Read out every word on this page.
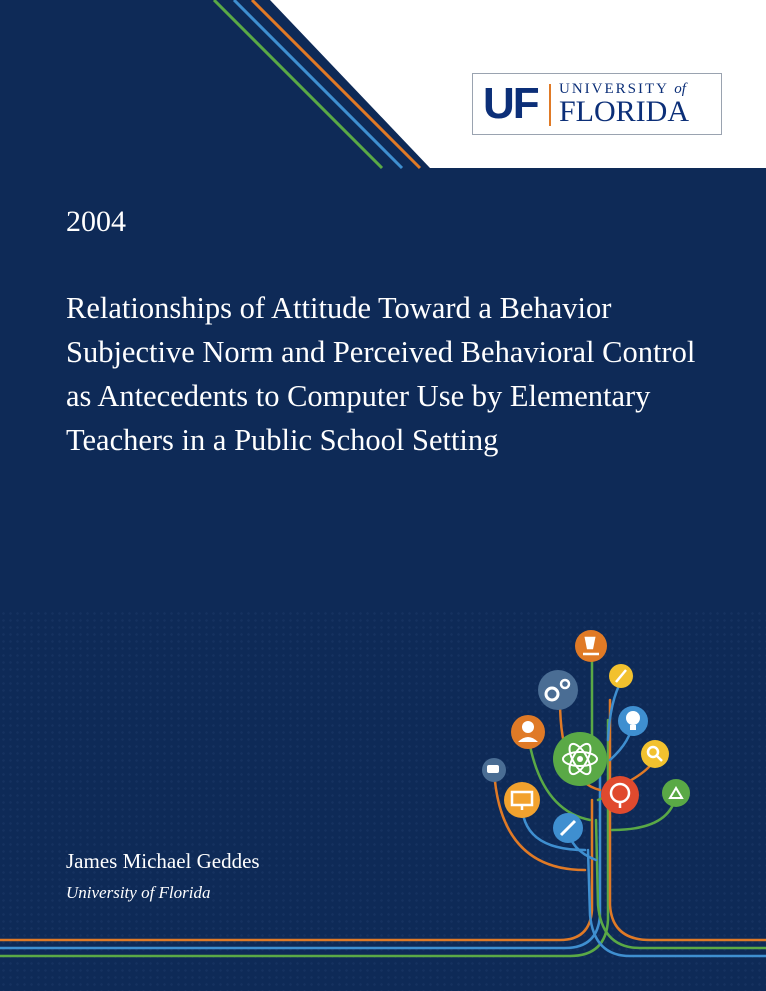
UF UNIVERSITY of
FLORIDA
2004
Relationships of Attitude Toward a Behavior Subjective Norm and Perceived Behavioral Control as Antecedents to Computer Use by Elementary Teachers in a Public School Setting
James Michael Geddes
University of Florida
